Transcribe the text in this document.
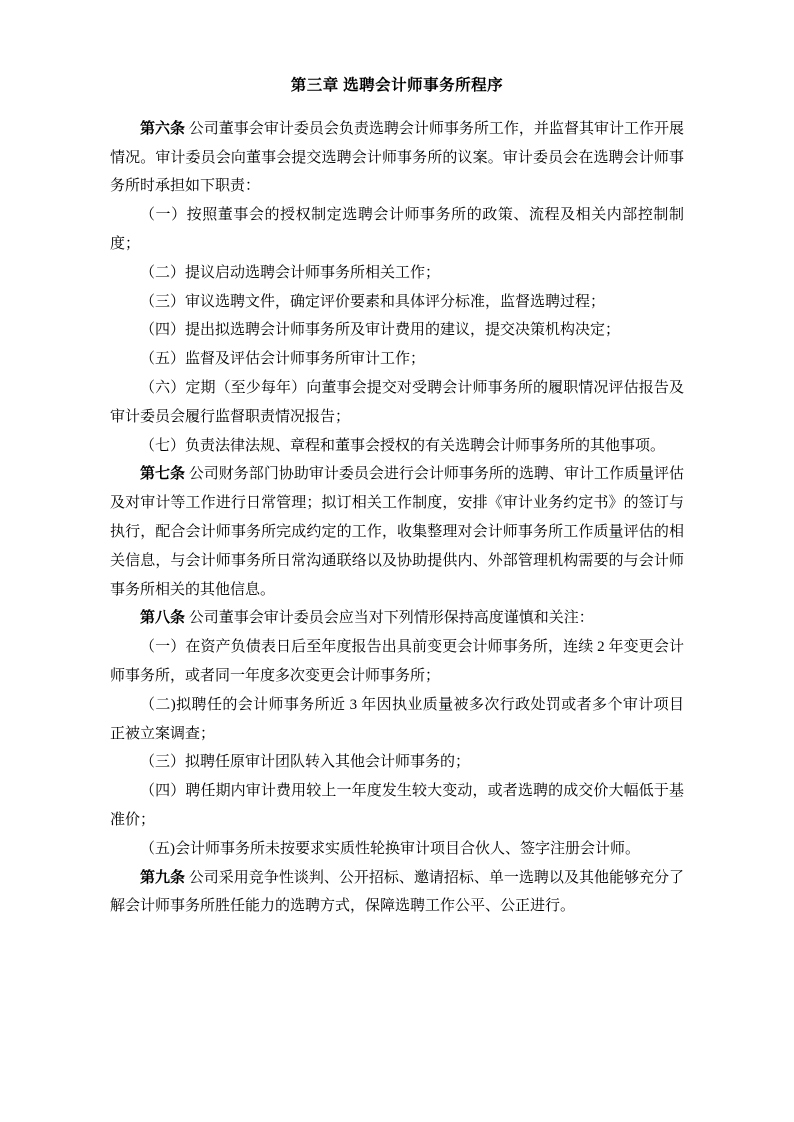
第三章 选聘会计师事务所程序

第六条 公司董事会审计委员会负责选聘会计师事务所工作，并监督其审计工作开展情况。审计委员会向董事会提交选聘会计师事务所的议案。审计委员会在选聘会计师事务所时承担如下职责：

（一）按照董事会的授权制定选聘会计师事务所的政策、流程及相关内部控制制度；

（二）提议启动选聘会计师事务所相关工作；

（三）审议选聘文件，确定评价要素和具体评分标准，监督选聘过程；

（四）提出拟选聘会计师事务所及审计费用的建议，提交决策机构决定；

（五）监督及评估会计师事务所审计工作；

（六）定期（至少每年）向董事会提交对受聘会计师事务所的履职情况评估报告及审计委员会履行监督职责情况报告；

（七）负责法律法规、章程和董事会授权的有关选聘会计师事务所的其他事项。

第七条 公司财务部门协助审计委员会进行会计师事务所的选聘、审计工作质量评估及对审计等工作进行日常管理；拟订相关工作制度，安排《审计业务约定书》的签订与执行，配合会计师事务所完成约定的工作，收集整理对会计师事务所工作质量评估的相关信息，与会计师事务所日常沟通联络以及协助提供内、外部管理机构需要的与会计师事务所相关的其他信息。

第八条 公司董事会审计委员会应当对下列情形保持高度谨慎和关注：

（一）在资产负债表日后至年度报告出具前变更会计师事务所，连续 2 年变更会计师事务所，或者同一年度多次变更会计师事务所；

（二)拟聘任的会计师事务所近 3 年因执业质量被多次行政处罚或者多个审计项目正被立案调查；

（三）拟聘任原审计团队转入其他会计师事务的；

（四）聘任期内审计费用较上一年度发生较大变动，或者选聘的成交价大幅低于基准价；

（五)会计师事务所未按要求实质性轮换审计项目合伙人、签字注册会计师。

第九条 公司采用竞争性谈判、公开招标、邀请招标、单一选聘以及其他能够充分了解会计师事务所胜任能力的选聘方式，保障选聘工作公平、公正进行。
